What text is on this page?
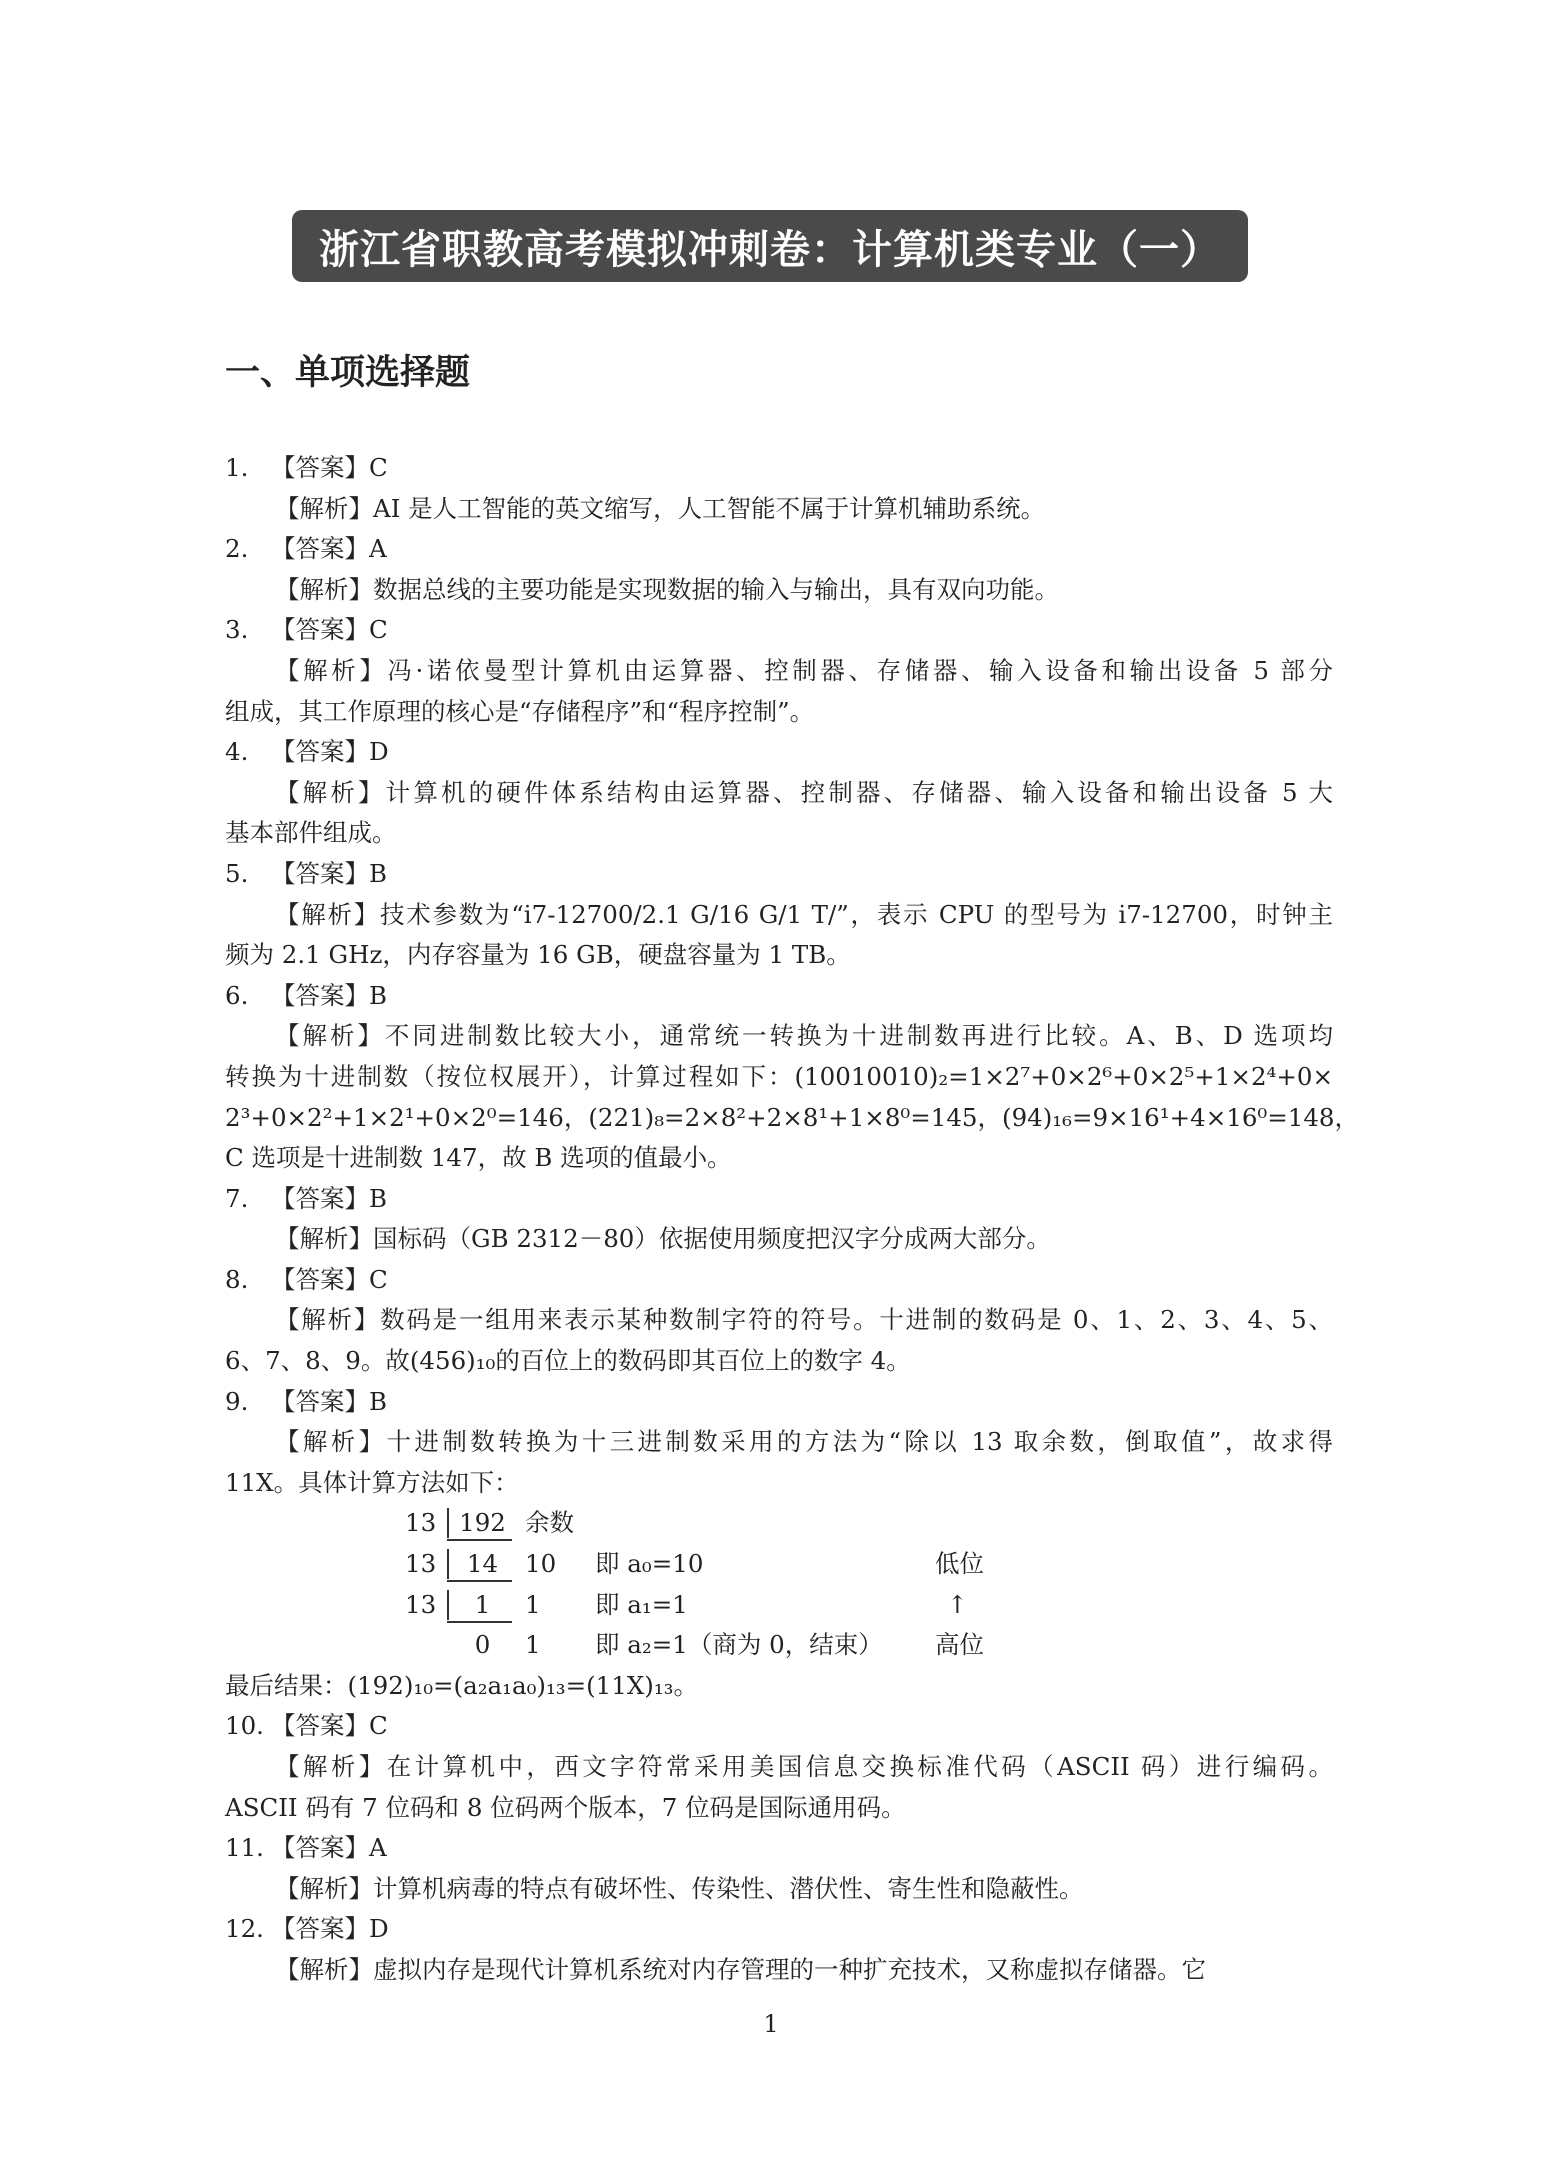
浙江省职教高考模拟冲刺卷：计算机类专业（一）
一、单项选择题
1. 【答案】C
【解析】AI 是人工智能的英文缩写，人工智能不属于计算机辅助系统。
2. 【答案】A
【解析】数据总线的主要功能是实现数据的输入与输出，具有双向功能。
3. 【答案】C
【解析】冯·诺依曼型计算机由运算器、控制器、存储器、输入设备和输出设备 5 部分
组成，其工作原理的核心是“存储程序”和“程序控制”。
4. 【答案】D
【解析】计算机的硬件体系结构由运算器、控制器、存储器、输入设备和输出设备 5 大
基本部件组成。
5. 【答案】B
【解析】技术参数为“i7-12700/2.1 G/16 G/1 T/”，表示 CPU 的型号为 i7-12700，时钟主
频为 2.1 GHz，内存容量为 16 GB，硬盘容量为 1 TB。
6. 【答案】B
【解析】不同进制数比较大小，通常统一转换为十进制数再进行比较。A、B、D 选项均
转换为十进制数（按位权展开），计算过程如下：(10010010)₂=1×2⁷+0×2⁶+0×2⁵+1×2⁴+0×
2³+0×2²+1×2¹+0×2⁰=146，(221)₈=2×8²+2×8¹+1×8⁰=145，(94)₁₆=9×16¹+4×16⁰=148，
C 选项是十进制数 147，故 B 选项的值最小。
7. 【答案】B
【解析】国标码（GB 2312－80）依据使用频度把汉字分成两大部分。
8. 【答案】C
【解析】数码是一组用来表示某种数制字符的符号。十进制的数码是 0、1、2、3、4、5、
6、7、8、9。故(456)₁₀的百位上的数码即其百位上的数字 4。
9. 【答案】B
【解析】十进制数转换为十三进制数采用的方法为“除以 13 取余数，倒取值”，故求得
11X。具体计算方法如下：
13 192 余数
13	14	10 即 a₀=10	低位
13	1	1 即 a₁=1	↑
0	1 即 a₂=1（商为 0，结束） 高位
最后结果：(192)₁₀=(a₂a₁a₀)₁₃=(11X)₁₃。
10. 【答案】C
【解析】在计算机中，西文字符常采用美国信息交换标准代码（ASCII 码）进行编码。
ASCII 码有 7 位码和 8 位码两个版本，7 位码是国际通用码。
11. 【答案】A
【解析】计算机病毒的特点有破坏性、传染性、潜伏性、寄生性和隐蔽性。
12. 【答案】D
【解析】虚拟内存是现代计算机系统对内存管理的一种扩充技术，又称虚拟存储器。它
1
